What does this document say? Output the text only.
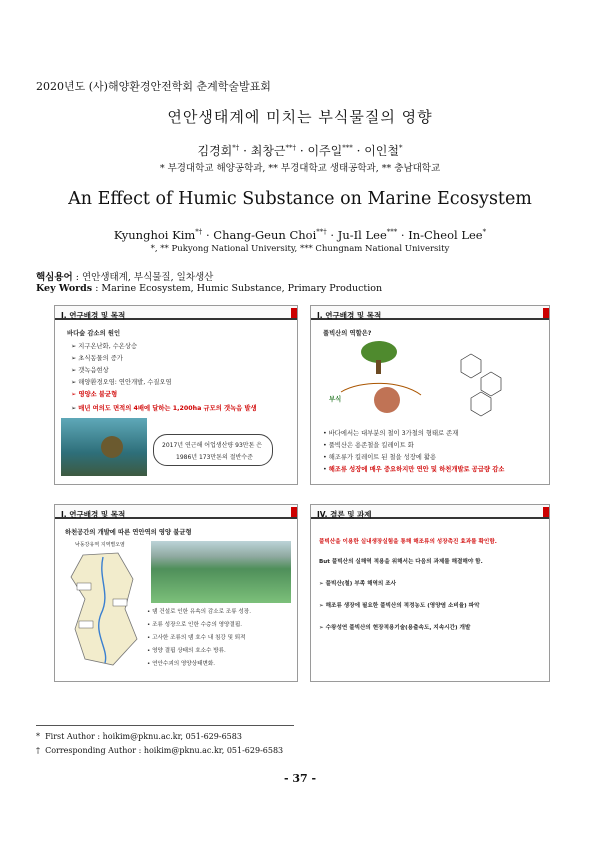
2020년도 (사)해양환경안전학회 춘계학술발표회
연안생태계에 미치는 부식물질의 영향
김경회*† · 최창근**† · 이주일*** · 이인철*
* 부경대학교 해양공학과, ** 부경대학교 생태공학과, ** 충남대학교
An Effect of Humic Substance on Marine Ecosystem
Kyunghoi Kim*† · Chang-Geun Choi**† · Ju-Il Lee*** · In-Cheol Lee*
*, ** Pukyong National University, *** Chungnam National University
핵심용어 : 연안생태계, 부식물질, 일차생산
Key Words : Marine Ecosystem, Humic Substance, Primary Production
I. 연구배경 및 목적
바다숲 감소의 원인
➢ 지구온난화, 수온상승
➢ 초식동물의 증가
➢ 갯녹음현상
➢ 해양환경오염: 연안개발, 수질오염
➢ 영양소 불균형
➢ 매년 여의도 면적의 4배에 달하는 1,200ha 규모의 갯녹음 발생
2017년 연근해 어업생산량 93만톤 은
1986년 173만톤의 절반수준
I. 연구배경 및 목적
풀빅산의 역할은?
부식
• 바다에서는 대부분의 철이 3가철의 형태로 존재
• 풀빅산은 용존철을 킬레이트 화
• 해조류가 킬레이트 된 철을 성장에 활용
• 해조류 성장에 매우 중요하지만 연안 및 하천개발로 공급량 감소
I. 연구배경 및 목적
하천공간의 개발에 따른 연안역의 영양 불균형
낙동강유역 지역별오염
• 댐 건설로 인한 유속의 감소로 조류 성장.
• 조류 성장으로 인한 수층의 영양결핍.
• 고사한 조류의 댐 호수 내 침강 및 퇴적
• 영양 결핍 상태의 호소수 방류.
• 연안수괴의 영양상태변화.
IV. 결론 및 과제
풀빅산을 이용한 실내생장실험을 통해 해조류의 성장촉진 효과를 확인함.
But 풀빅산의 실해역 적용을 위해서는 다음의 과제를 해결해야 함.
➢ 풀빅산(철) 부족 해역의 조사
➢ 해조류 생장에 필요한 풀빅산의 적정농도 (영양염 소비율) 파악
➢ 수왕성연 풀빅산의 현장적용기술(용출속도, 지속시간) 개발
* First Author : hoikim@pknu.ac.kr, 051-629-6583
† Corresponding Author : hoikim@pknu.ac.kr, 051-629-6583
- 37 -
